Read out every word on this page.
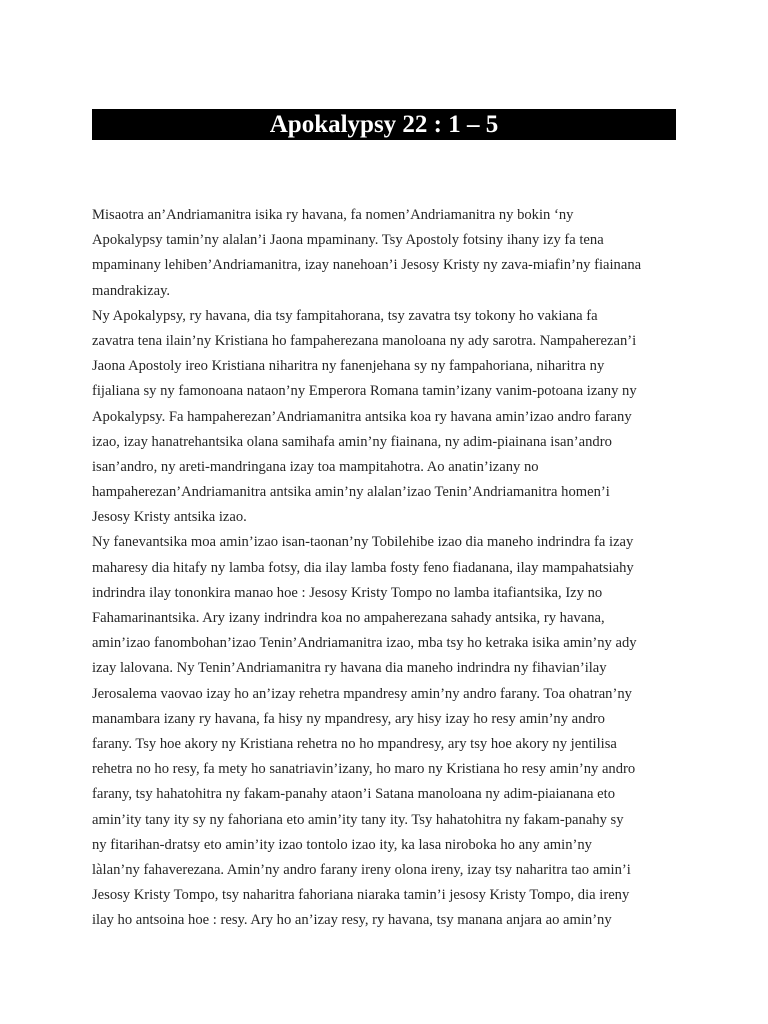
Apokalypsy 22 : 1 – 5
Misaotra an’Andriamanitra isika ry havana, fa nomen’Andriamanitra ny bokin ‘ny
Apokalypsy tamin’ny alalan’i Jaona mpaminany. Tsy Apostoly fotsiny ihany izy fa tena
mpaminany lehiben’Andriamanitra, izay nanehoan’i Jesosy Kristy ny zava-miafin’ny fiainana
mandrakizay.
Ny Apokalypsy, ry havana, dia tsy fampitahorana, tsy zavatra tsy tokony ho vakiana fa
zavatra tena ilain’ny Kristiana ho fampaherezana manoloana ny ady sarotra. Nampaherezan’i
Jaona Apostoly ireo Kristiana niharitra ny fanenjehana sy ny fampahoriana, niharitra ny
fijaliana sy ny famonoana nataon’ny Emperora Romana tamin’izany vanim-potoana izany ny
Apokalypsy. Fa hampaherezan’Andriamanitra antsika koa ry havana amin’izao andro farany
izao, izay hanatrehantsika olana samihafa amin’ny fiainana, ny adim-piainana isan’andro
isan’andro, ny areti-mandringana izay toa mampitahotra. Ao anatin’izany no
hampaherezan’Andriamanitra antsika amin’ny alalan’izao Tenin’Andriamanitra homen’i
Jesosy Kristy antsika izao.
Ny fanevantsika moa amin’izao isan-taonan’ny Tobilehibe izao dia maneho indrindra fa izay
maharesy dia hitafy ny lamba fotsy, dia ilay lamba fosty feno fiadanana, ilay mampahatsiahy
indrindra ilay tononkira manao hoe : Jesosy Kristy Tompo no lamba itafiantsika, Izy no
Fahamarinantsika. Ary izany indrindra koa no ampaherezana sahady antsika, ry havana,
amin’izao fanombohan’izao Tenin’Andriamanitra izao, mba tsy ho ketraka isika amin’ny ady
izay lalovana. Ny Tenin’Andriamanitra ry havana dia maneho indrindra ny fihavian’ilay
Jerosalema vaovao izay ho an’izay rehetra mpandresy amin’ny andro farany. Toa ohatran’ny
manambara izany ry havana, fa hisy ny mpandresy, ary hisy izay ho resy amin’ny andro
farany. Tsy hoe akory ny Kristiana rehetra no ho mpandresy, ary tsy hoe akory ny jentilisa
rehetra no ho resy, fa mety ho sanatriavin’izany, ho maro ny Kristiana ho resy amin’ny andro
farany, tsy hahatohitra ny fakam-panahy ataon’i Satana manoloana ny adim-piaianana eto
amin’ity tany ity sy ny fahoriana eto amin’ity tany ity. Tsy hahatohitra ny fakam-panahy sy
ny fitarihan-dratsy eto amin’ity izao tontolo izao ity, ka lasa niroboka ho any amin’ny
làlan’ny fahaverezana. Amin’ny andro farany ireny olona ireny, izay tsy naharitra tao amin’i
Jesosy Kristy Tompo, tsy naharitra fahoriana niaraka tamin’i jesosy Kristy Tompo, dia ireny
ilay ho antsoina hoe : resy. Ary ho an’izay resy, ry havana, tsy manana anjara ao amin’ny
